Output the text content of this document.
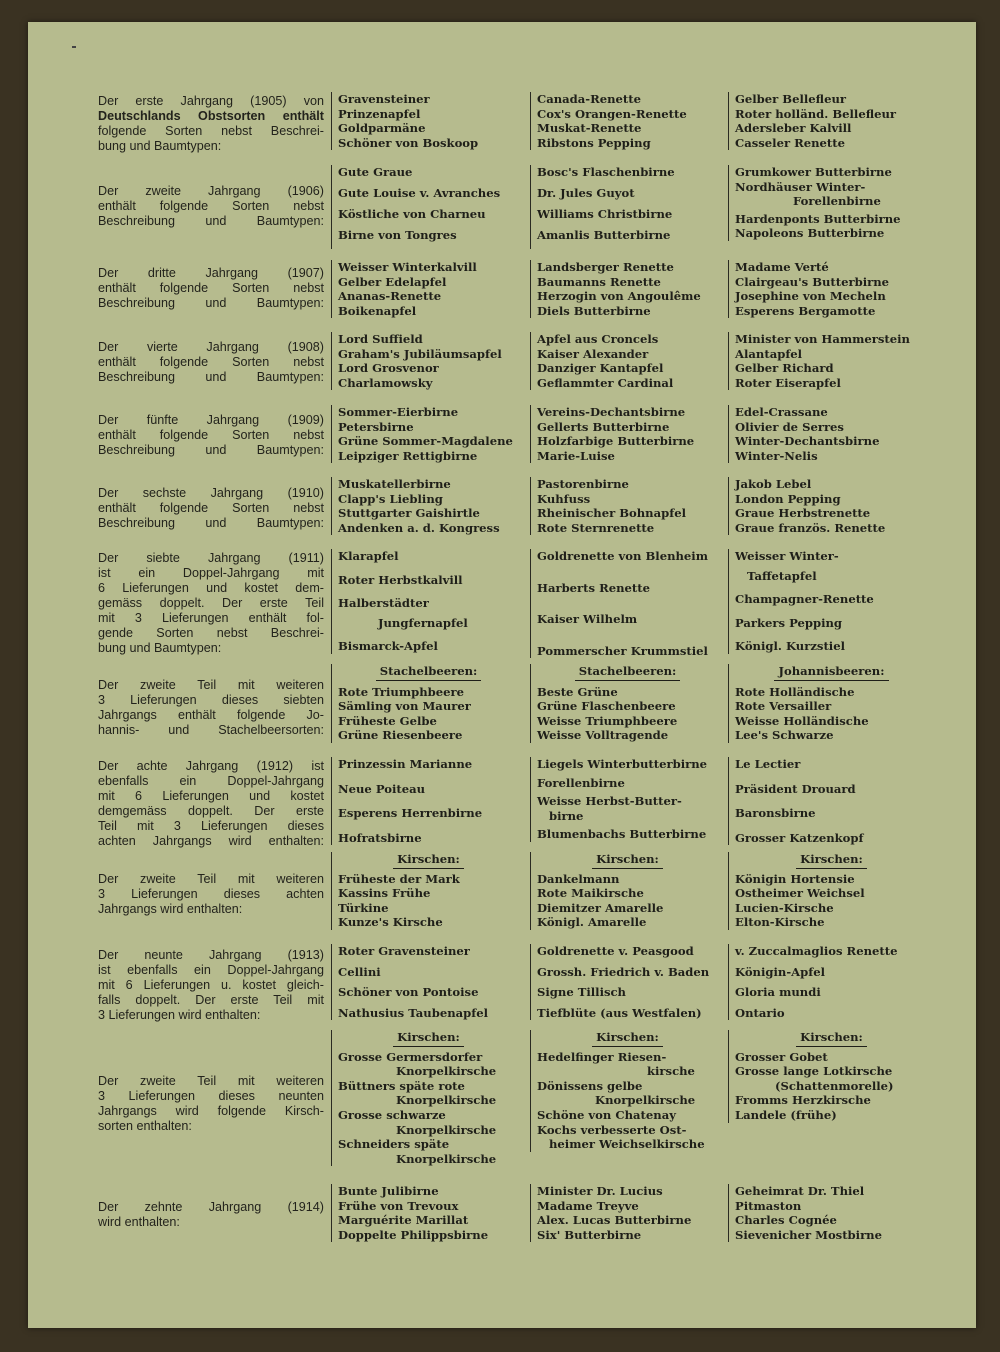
Der erste Jahrgang (1905) von
Deutschlands Obstsorten enthält
folgende Sorten nebst Beschrei-
bung und Baumtypen:
Gravensteiner
Prinzenapfel
Goldparmäne
Schöner von Boskoop
Canada-Renette
Cox's Orangen-Renette
Muskat-Renette
Ribstons Pepping
Gelber Bellefleur
Roter holländ. Bellefleur
Adersleber Kalvill
Casseler Renette
Der zweite Jahrgang (1906)
enthält folgende Sorten nebst
Beschreibung und Baumtypen:
Gute Graue
Gute Louise v. Avranches
Köstliche von Charneu
Birne von Tongres
Bosc's Flaschenbirne
Dr. Jules Guyot
Williams Christbirne
Amanlis Butterbirne
Grumkower Butterbirne
Nordhäuser Winter-
Forellenbirne
Hardenponts Butterbirne
Napoleons Butterbirne
Der dritte Jahrgang (1907)
enthält folgende Sorten nebst
Beschreibung und Baumtypen:
Weisser Winterkalvill
Gelber Edelapfel
Ananas-Renette
Boikenapfel
Landsberger Renette
Baumanns Renette
Herzogin von Angoulême
Diels Butterbirne
Madame Verté
Clairgeau's Butterbirne
Josephine von Mecheln
Esperens Bergamotte
Der vierte Jahrgang (1908)
enthält folgende Sorten nebst
Beschreibung und Baumtypen:
Lord Suffield
Graham's Jubiläumsapfel
Lord Grosvenor
Charlamowsky
Apfel aus Croncels
Kaiser Alexander
Danziger Kantapfel
Geflammter Cardinal
Minister von Hammerstein
Alantapfel
Gelber Richard
Roter Eiserapfel
Der fünfte Jahrgang (1909)
enthält folgende Sorten nebst
Beschreibung und Baumtypen:
Sommer-Eierbirne
Petersbirne
Grüne Sommer-Magdalene
Leipziger Rettigbirne
Vereins-Dechantsbirne
Gellerts Butterbirne
Holzfarbige Butterbirne
Marie-Luise
Edel-Crassane
Olivier de Serres
Winter-Dechantsbirne
Winter-Nelis
Der sechste Jahrgang (1910)
enthält folgende Sorten nebst
Beschreibung und Baumtypen:
Muskatellerbirne
Clapp's Liebling
Stuttgarter Gaishirtle
Andenken a. d. Kongress
Pastorenbirne
Kuhfuss
Rheinischer Bohnapfel
Rote Sternrenette
Jakob Lebel
London Pepping
Graue Herbstrenette
Graue französ. Renette
Der siebte Jahrgang (1911)
ist ein Doppel-Jahrgang mit
6 Lieferungen und kostet dem-
gemäss doppelt. Der erste Teil
mit 3 Lieferungen enthält fol-
gende Sorten nebst Beschrei-
bung und Baumtypen:
Klarapfel
Roter Herbstkalvill
Halberstädter
Jungfernapfel
Bismarck-Apfel
Goldrenette von Blenheim
Harberts Renette
Kaiser Wilhelm
Pommerscher Krummstiel
Weisser Winter-
Taffetapfel
Champagner-Renette
Parkers Pepping
Königl. Kurzstiel
Der zweite Teil mit weiteren
3 Lieferungen dieses siebten
Jahrgangs enthält folgende Jo-
hannis- und Stachelbeersorten:
Stachelbeeren:
Rote Triumphbeere
Sämling von Maurer
Früheste Gelbe
Grüne Riesenbeere
Stachelbeeren:
Beste Grüne
Grüne Flaschenbeere
Weisse Triumphbeere
Weisse Volltragende
Johannisbeeren:
Rote Holländische
Rote Versailler
Weisse Holländische
Lee's Schwarze
Der achte Jahrgang (1912) ist
ebenfalls ein Doppel-Jahrgang
mit 6 Lieferungen und kostet
demgemäss doppelt. Der erste
Teil mit 3 Lieferungen dieses
achten Jahrgangs wird enthalten:
Prinzessin Marianne
Neue Poiteau
Esperens Herrenbirne
Hofratsbirne
Liegels Winterbutterbirne
Forellenbirne
Weisse Herbst-Butter-
birne
Blumenbachs Butterbirne
Le Lectier
Präsident Drouard
Baronsbirne
Grosser Katzenkopf
Der zweite Teil mit weiteren
3 Lieferungen dieses achten
Jahrgangs wird enthalten:
Kirschen:
Früheste der Mark
Kassins Frühe
Türkine
Kunze's Kirsche
Kirschen:
Dankelmann
Rote Maikirsche
Diemitzer Amarelle
Königl. Amarelle
Kirschen:
Königin Hortensie
Ostheimer Weichsel
Lucien-Kirsche
Elton-Kirsche
Der neunte Jahrgang (1913)
ist ebenfalls ein Doppel-Jahrgang
mit 6 Lieferungen u. kostet gleich-
falls doppelt. Der erste Teil mit
3 Lieferungen wird enthalten:
Roter Gravensteiner
Cellini
Schöner von Pontoise
Nathusius Taubenapfel
Goldrenette v. Peasgood
Grossh. Friedrich v. Baden
Signe Tillisch
Tiefblüte (aus Westfalen)
v. Zuccalmaglios Renette
Königin-Apfel
Gloria mundi
Ontario
Der zweite Teil mit weiteren
3 Lieferungen dieses neunten
Jahrgangs wird folgende Kirsch-
sorten enthalten:
Kirschen:
Grosse Germersdorfer
Knorpelkirsche
Büttners späte rote
Knorpelkirsche
Grosse schwarze
Knorpelkirsche
Schneiders späte
Knorpelkirsche
Kirschen:
Hedelfinger Riesen-
kirsche
Dönissens gelbe
Knorpelkirsche
Schöne von Chatenay
Kochs verbesserte Ost-
heimer Weichselkirsche
Kirschen:
Grosser Gobet
Grosse lange Lotkirsche
(Schattenmorelle)
Fromms Herzkirsche
Landele (frühe)
Der zehnte Jahrgang (1914)
wird enthalten:
Bunte Julibirne
Frühe von Trevoux
Marguérite Marillat
Doppelte Philippsbirne
Minister Dr. Lucius
Madame Treyve
Alex. Lucas Butterbirne
Six' Butterbirne
Geheimrat Dr. Thiel
Pitmaston
Charles Cognée
Sievenicher Mostbirne
